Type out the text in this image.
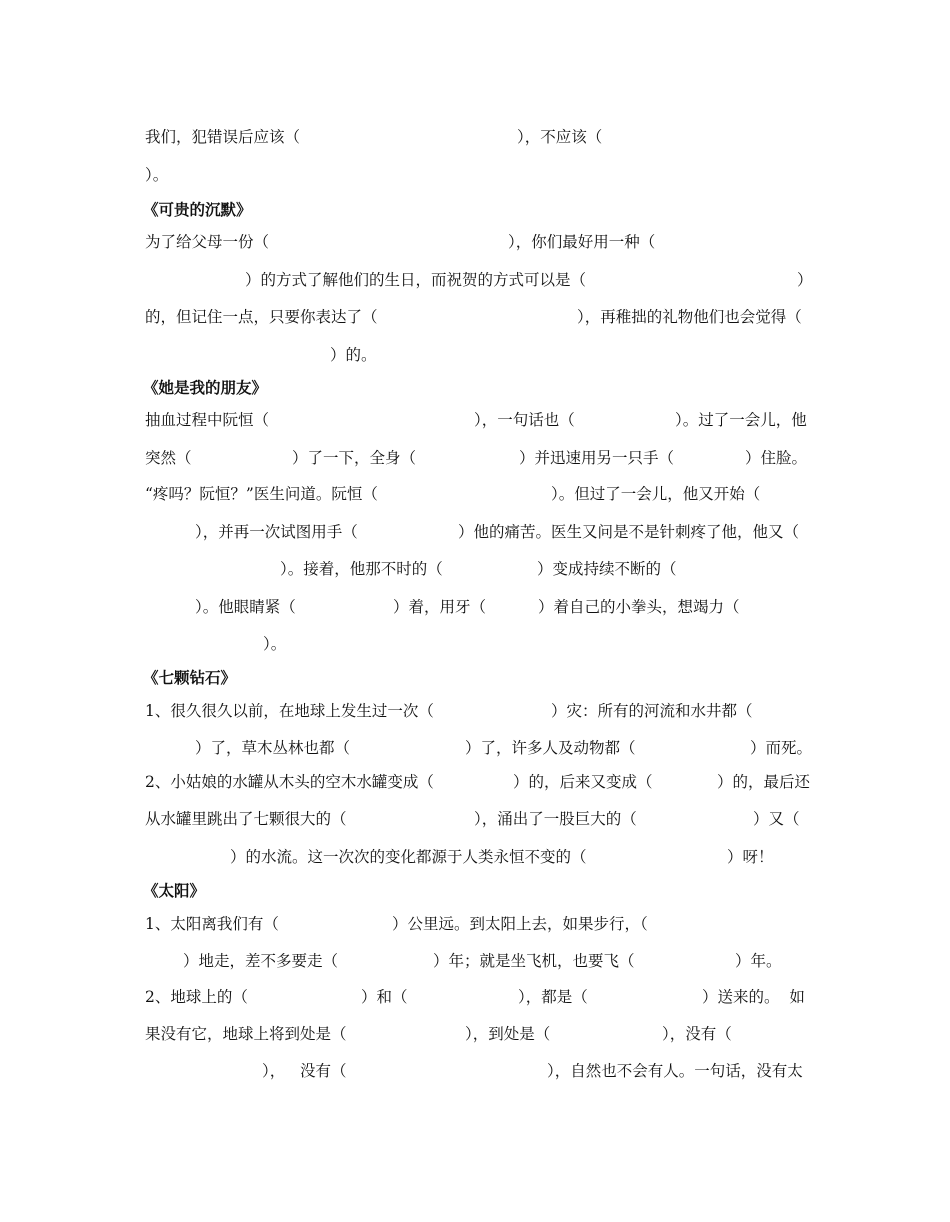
我们，犯错误后应该（	），不应该（
）。
《可贵的沉默》
为了给父母一份（	），你们最好用一种（
）的方式了解他们的生日，而祝贺的方式可以是（	）
的，但记住一点，只要你表达了（	），再稚拙的礼物他们也会觉得（
）的。
《她是我的朋友》
抽血过程中阮恒（	），一句话也（	）。过了一会儿，他
突然（	）了一下，全身（	）并迅速用另一只手（	）住脸。
“疼吗？阮恒？”医生问道。阮恒（	）。但过了一会儿，他又开始（
），并再一次试图用手（	）他的痛苦。医生又问是不是针刺疼了他，他又（
）。接着，他那不时的（	）变成持续不断的（
）。他眼睛紧（	）着，用牙（	）着自己的小拳头，想竭力（
）。
《七颗钻石》
1、很久很久以前，在地球上发生过一次（	）灾：所有的河流和水井都（
）了，草木丛林也都（	）了，许多人及动物都（	）而死。
2、小姑娘的水罐从木头的空木水罐变成（	）的，后来又变成（	）的，最后还
从水罐里跳出了七颗很大的（	），涌出了一股巨大的（	）又（
）的水流。这一次次的变化都源于人类永恒不变的（	）呀！
《太阳》
1、太阳离我们有（	）公里远。到太阳上去，如果步行，（
）地走，差不多要走（	）年；就是坐飞机，也要飞（	）年。
2、地球上的（	）和（	），都是（	）送来的。  如
果没有它，地球上将到处是（	），到处是（	），没有（
），   没有（	），自然也不会有人。一句话，没有太
